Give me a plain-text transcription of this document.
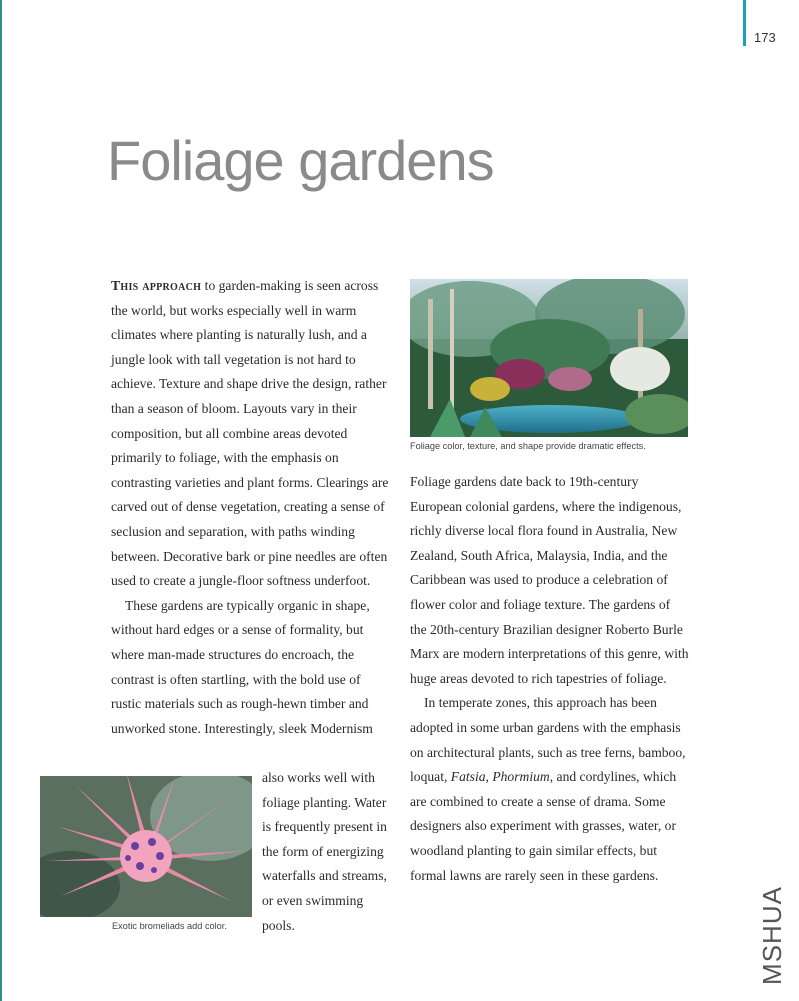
173
Foliage gardens

This approach to garden-making is seen across the world, but works especially well in warm climates where planting is naturally lush, and a jungle look with tall vegetation is not hard to achieve. Texture and shape drive the design, rather than a season of bloom. Layouts vary in their composition, but all combine areas devoted primarily to foliage, with the emphasis on contrasting varieties and plant forms. Clearings are carved out of dense vegetation, creating a sense of seclusion and separation, with paths winding between. Decorative bark or pine needles are often used to create a jungle-floor softness underfoot.

These gardens are typically organic in shape, without hard edges or a sense of formality, but where man-made structures do encroach, the contrast is often startling, with the bold use of rustic materials such as rough-hewn timber and unworked stone. Interestingly, sleek Modernism

also works well with foliage planting. Water is frequently present in the form of energizing waterfalls and streams, or even swimming pools.

Foliage color, texture, and shape provide dramatic effects.

Foliage gardens date back to 19th-century European colonial gardens, where the indigenous, richly diverse local flora found in Australia, New Zealand, South Africa, Malaysia, India, and the Caribbean was used to produce a celebration of flower color and foliage texture. The gardens of the 20th-century Brazilian designer Roberto Burle Marx are modern interpretations of this genre, with huge areas devoted to rich tapestries of foliage.

In temperate zones, this approach has been adopted in some urban gardens with the emphasis on architectural plants, such as tree ferns, bamboo, loquat, Fatsia, Phormium, and cordylines, which are combined to create a sense of drama. Some designers also experiment with grasses, water, or woodland planting to gain similar effects, but formal lawns are rarely seen in these gardens.

Exotic bromeliads add color.	MSHUA
